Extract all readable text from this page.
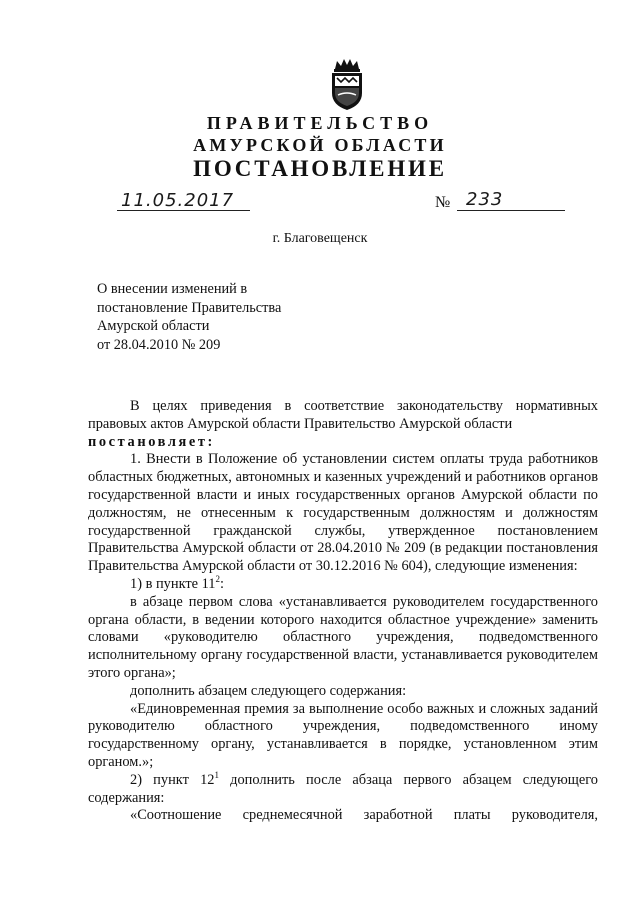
ПРАВИТЕЛЬСТВО
АМУРСКОЙ ОБЛАСТИ
ПОСТАНОВЛЕНИЕ
11.05.2017	№ 233
г. Благовещенск
О внесении изменений в
постановление Правительства
Амурской области
от 28.04.2010 № 209

В целях приведения в соответствие законодательству нормативных правовых актов Амурской области Правительство Амурской области

постановляет:

1. Внести в Положение об установлении систем оплаты труда работников областных бюджетных, автономных и казенных учреждений и работников органов государственной власти и иных государственных органов Амурской области по должностям, не отнесенным к государственным должностям и должностям государственной гражданской службы, утвержденное постановлением Правительства Амурской области от 28.04.2010 № 209 (в редакции постановления Правительства Амурской области от 30.12.2016 № 604), следующие изменения:

1) в пункте $11^2$:

в абзаце первом слова «устанавливается руководителем государственного органа области, в ведении которого находится областное учреждение» заменить словами «руководителю областного учреждения, подведомственного исполнительному органу государственной власти, устанавливается руководителем этого органа»;

дополнить абзацем следующего содержания:

«Единовременная премия за выполнение особо важных и сложных заданий руководителю областного учреждения, подведомственного иному государственному органу, устанавливается в порядке, установленном этим органом.»;

2) пункт $12^1$ дополнить после абзаца первого абзацем следующего содержания:

«Соотношение среднемесячной заработной платы руководителя,
